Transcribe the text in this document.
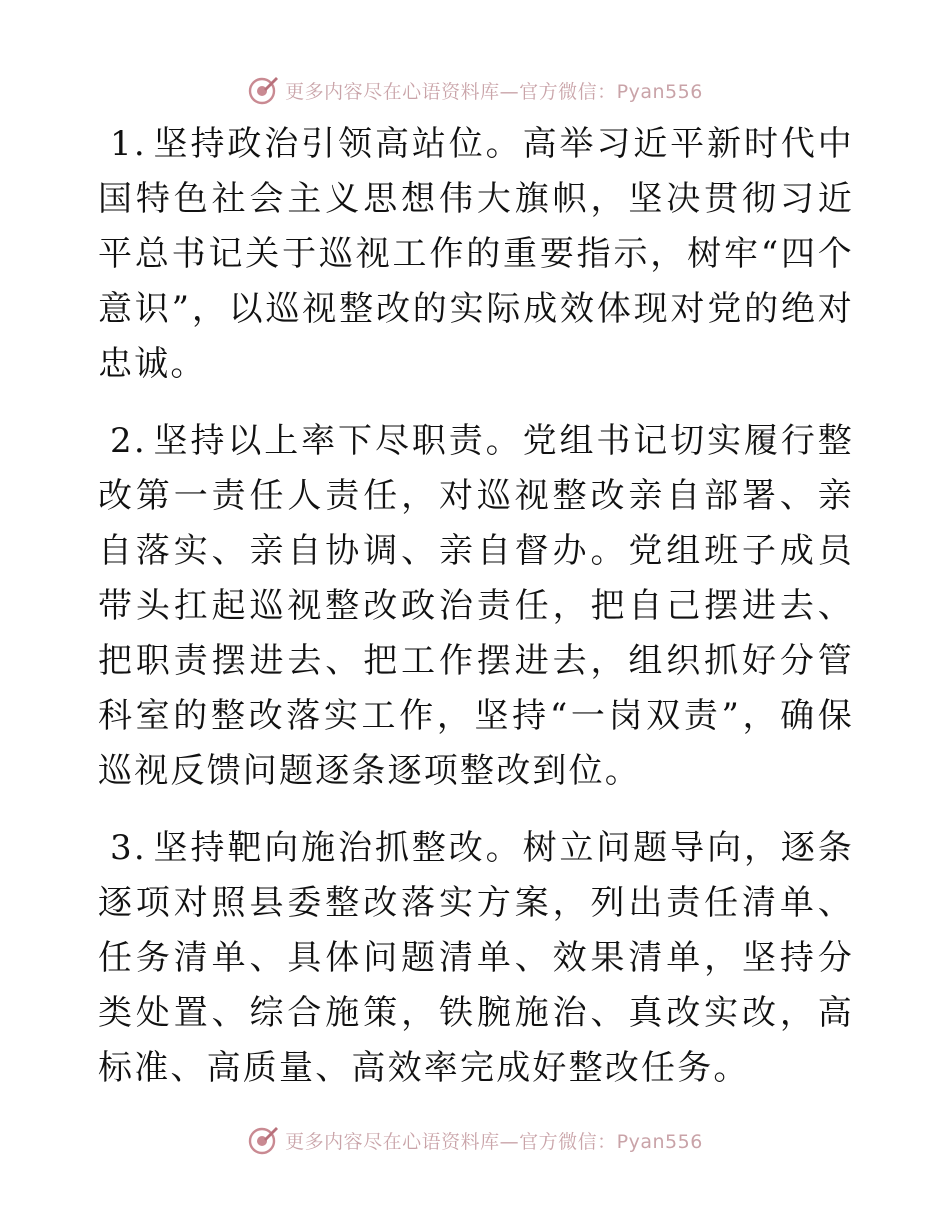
更多内容尽在心语资料库—官方微信：Pyan556

1. 坚持政治引领高站位。高举习近平新时代中国特色社会主义思想伟大旗帜，坚决贯彻习近平总书记关于巡视工作的重要指示，树牢“四个意识”，以巡视整改的实际成效体现对党的绝对忠诚。

2. 坚持以上率下尽职责。党组书记切实履行整改第一责任人责任，对巡视整改亲自部署、亲自落实、亲自协调、亲自督办。党组班子成员带头扛起巡视整改政治责任，把自己摆进去、把职责摆进去、把工作摆进去，组织抓好分管科室的整改落实工作，坚持“一岗双责”，确保巡视反馈问题逐条逐项整改到位。

3. 坚持靶向施治抓整改。树立问题导向，逐条逐项对照县委整改落实方案，列出责任清单、任务清单、具体问题清单、效果清单，坚持分类处置、综合施策，铁腕施治、真改实改，高标准、高质量、高效率完成好整改任务。

更多内容尽在心语资料库—官方微信：Pyan556
